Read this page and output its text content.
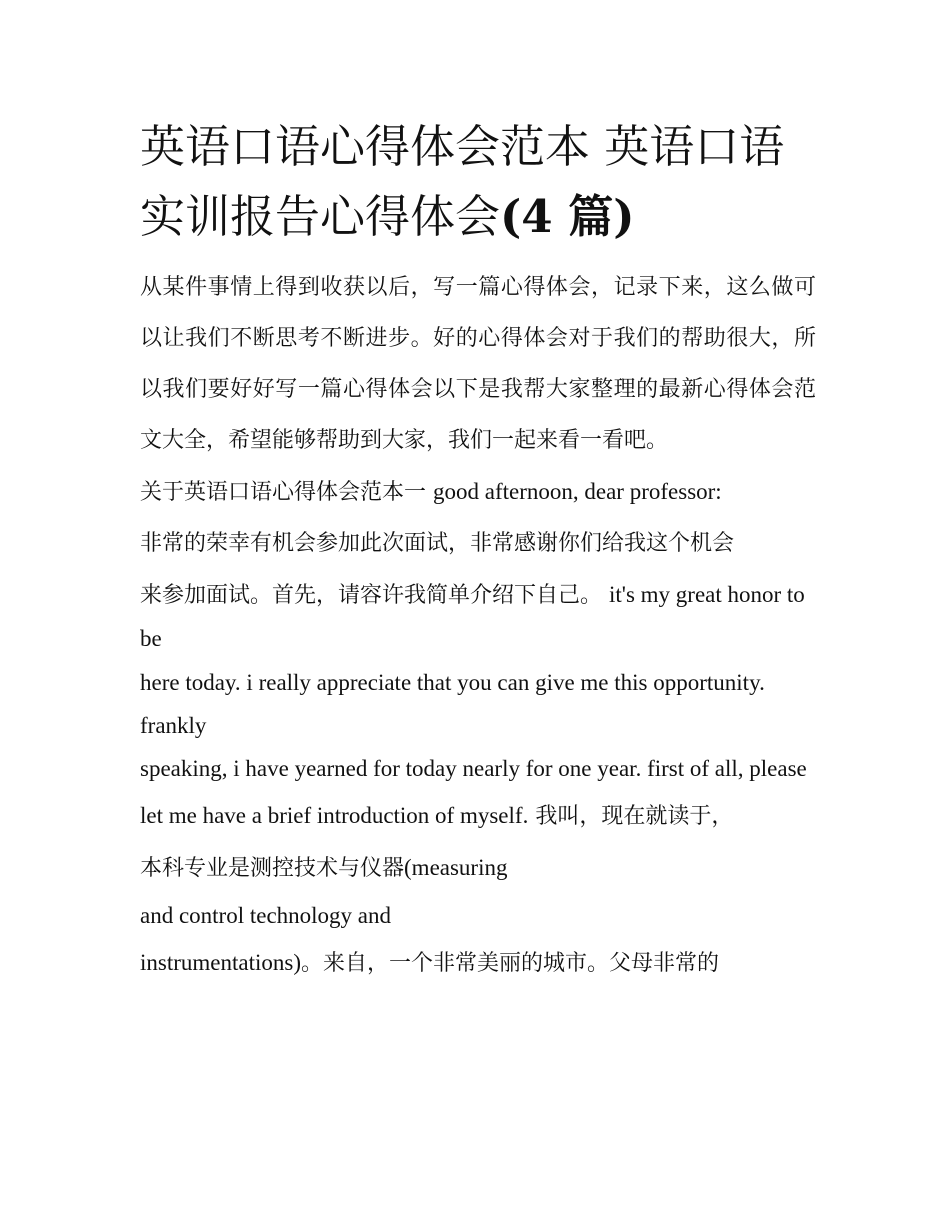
英语口语心得体会范本 英语口语实训报告心得体会(4 篇)

从某件事情上得到收获以后，写一篇心得体会，记录下来，这么做可以让我们不断思考不断进步。好的心得体会对于我们的帮助很大，所以我们要好好写一篇心得体会以下是我帮大家整理的最新心得体会范文大全，希望能够帮助到大家，我们一起来看一看吧。

关于英语口语心得体会范本一 good afternoon, dear professor:
非常的荣幸有机会参加此次面试，非常感谢你们给我这个机会
来参加面试。首先，请容许我简单介绍下自己。 it's my great honor to be
here today. i really appreciate that you can give me this opportunity. frankly
speaking, i have yearned for today nearly for one year. first of all, please
let me have a brief introduction of myself. 我叫，现在就读于，
本科专业是测控技术与仪器(measuring
and control technology and
instrumentations)。来自，一个非常美丽的城市。父母非常的
